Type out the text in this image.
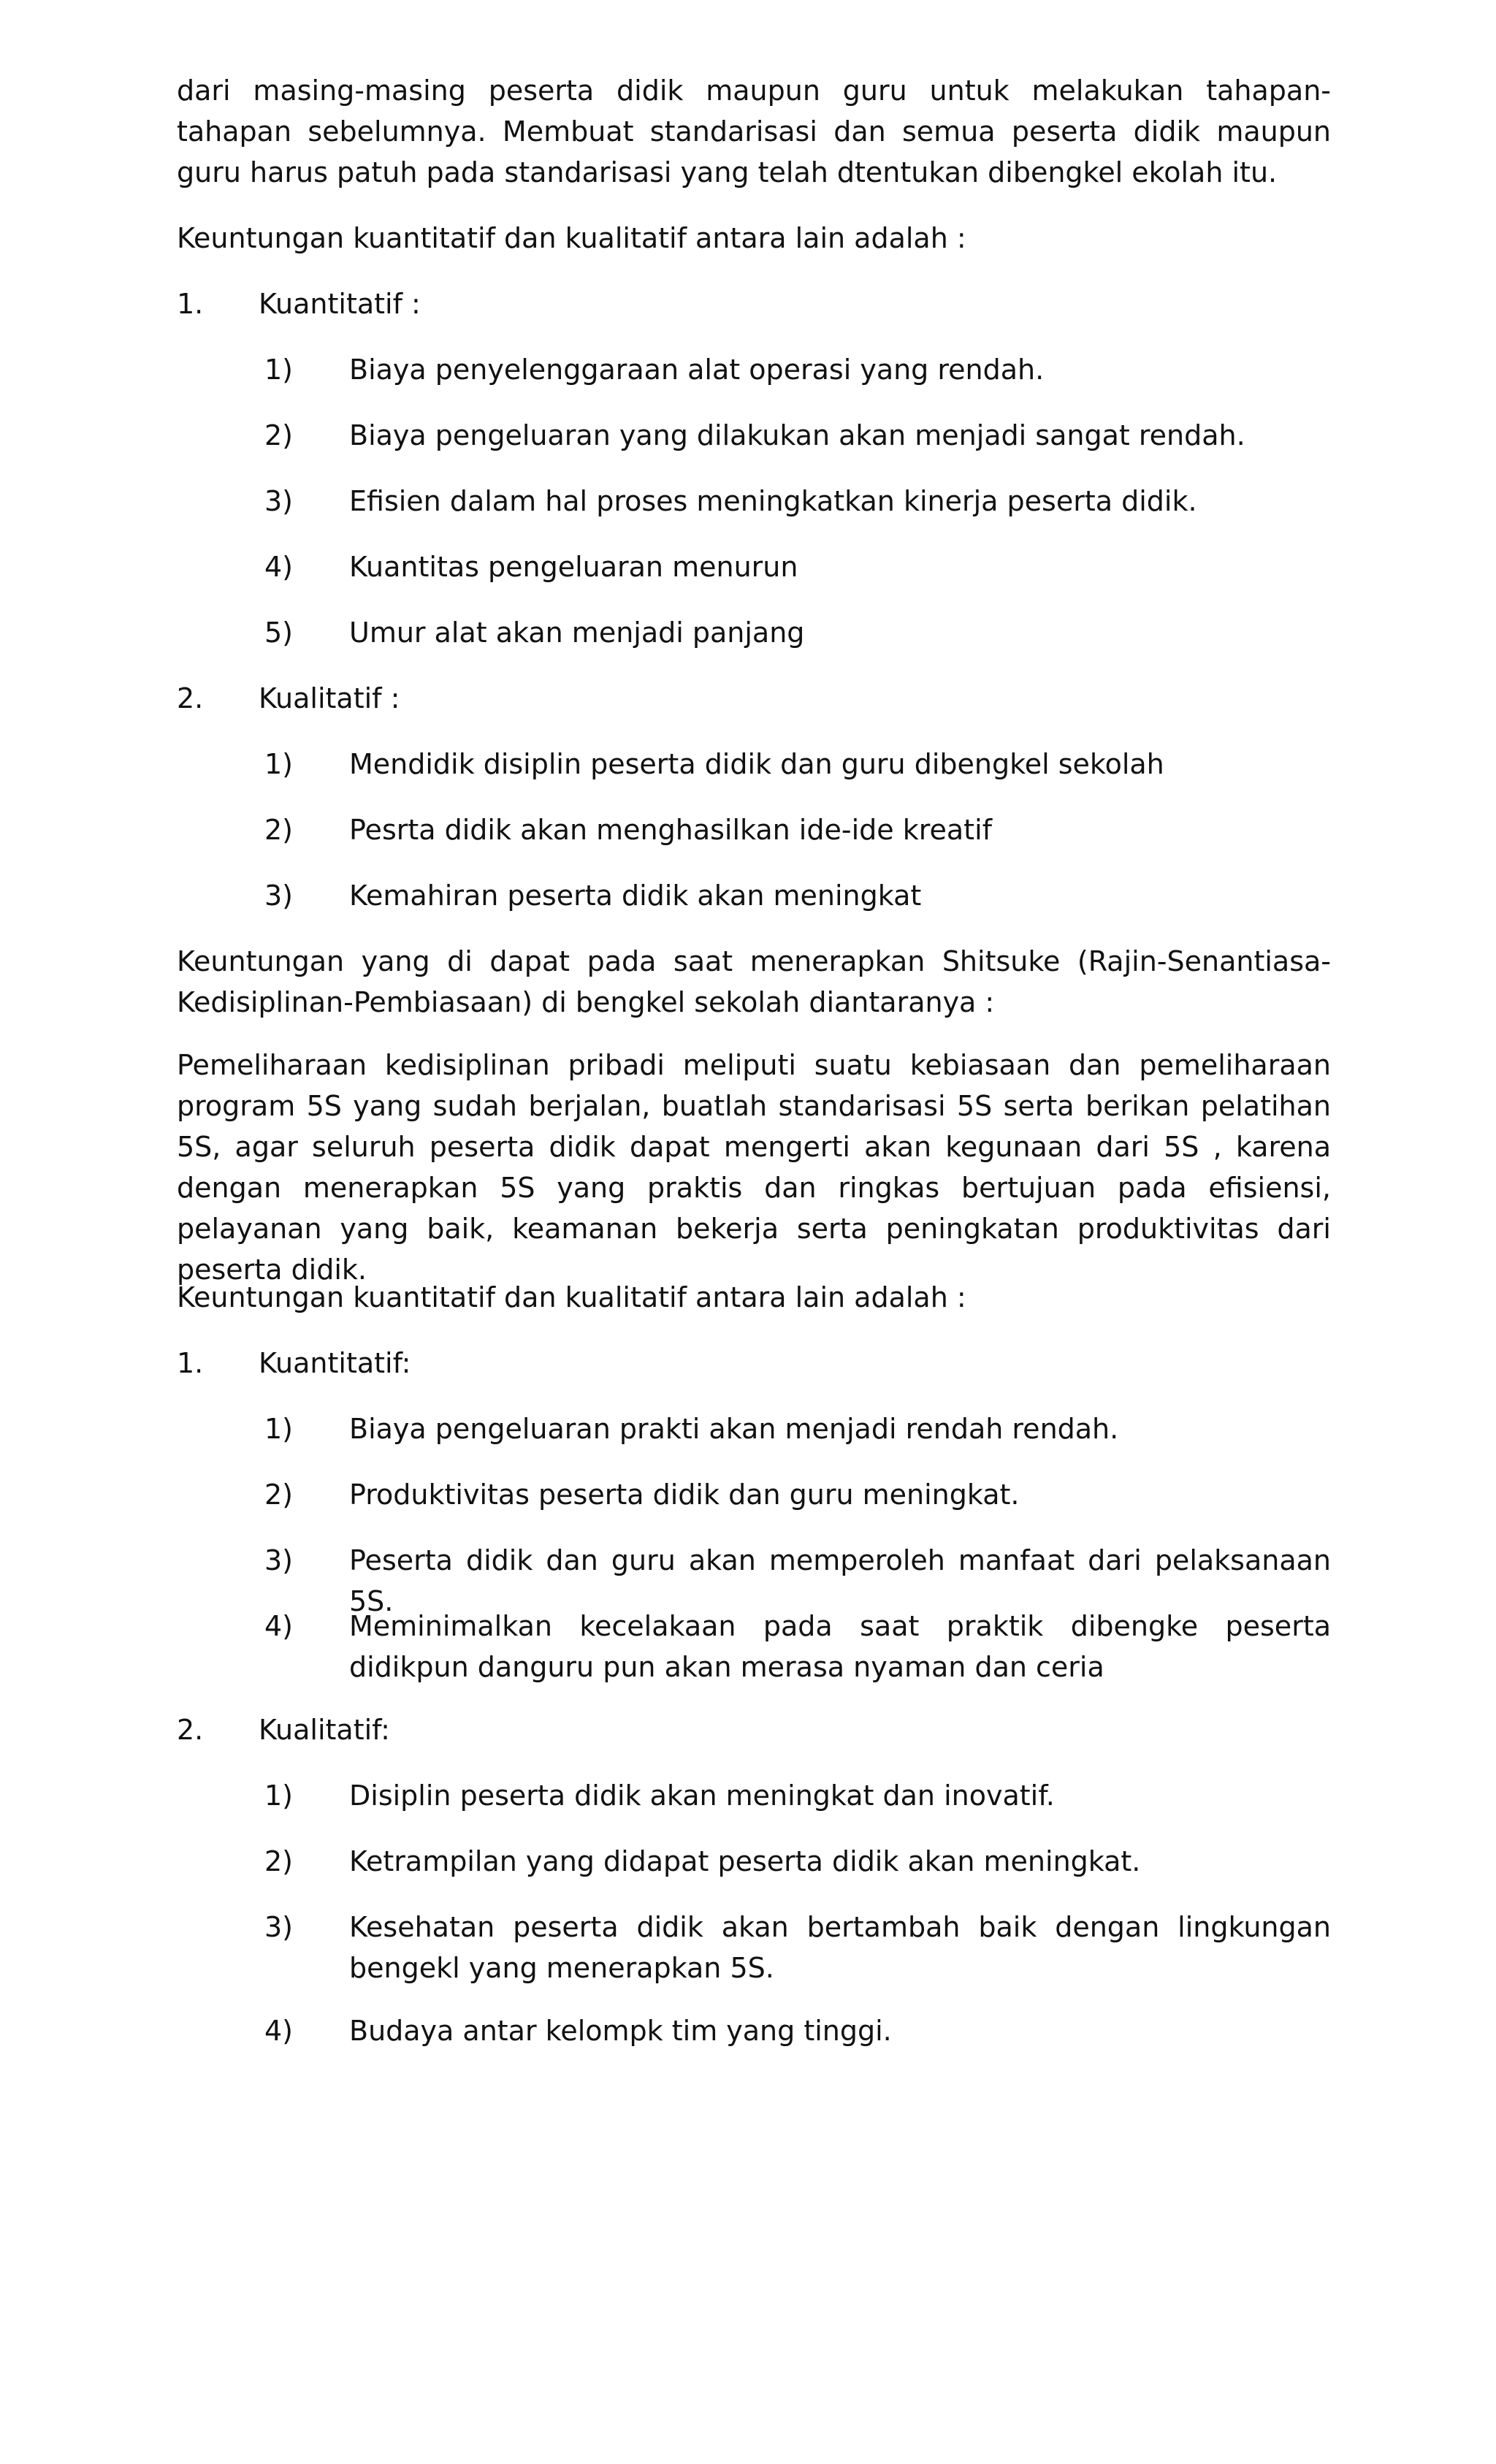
dari masing-masing peserta didik maupun guru untuk melakukan tahapan-tahapan sebelumnya. Membuat standarisasi dan semua peserta didik maupun guru harus patuh pada standarisasi yang telah dtentukan dibengkel ekolah itu.

Keuntungan kuantitatif dan kualitatif antara lain adalah :

1. Kuantitatif :
1) Biaya penyelenggaraan alat operasi yang rendah.
2) Biaya pengeluaran yang dilakukan akan menjadi sangat rendah.
3) Efisien dalam hal proses meningkatkan kinerja peserta didik.
4) Kuantitas pengeluaran menurun
5) Umur alat akan menjadi panjang
2. Kualitatif :
1) Mendidik disiplin peserta didik dan guru dibengkel sekolah
2) Pesrta didik akan menghasilkan ide-ide kreatif
3) Kemahiran peserta didik akan meningkat

Keuntungan yang di dapat pada saat menerapkan Shitsuke (Rajin-Senantiasa-Kedisiplinan-Pembiasaan) di bengkel sekolah diantaranya :

Pemeliharaan kedisiplinan pribadi meliputi suatu kebiasaan dan pemeliharaan program 5S yang sudah berjalan, buatlah standarisasi 5S serta berikan pelatihan 5S, agar seluruh peserta didik dapat mengerti akan kegunaan dari 5S , karena dengan menerapkan 5S yang praktis dan ringkas bertujuan pada efisiensi, pelayanan yang baik, keamanan bekerja serta peningkatan produktivitas dari peserta didik.

Keuntungan kuantitatif dan kualitatif antara lain adalah :

1. Kuantitatif:
1) Biaya pengeluaran prakti akan menjadi rendah rendah.
2) Produktivitas peserta didik dan guru meningkat.
3) Peserta didik dan guru akan memperoleh manfaat dari pelaksanaan 5S.
4) Meminimalkan kecelakaan pada saat praktik dibengke peserta didikpun danguru pun akan merasa nyaman dan ceria
2. Kualitatif:
1) Disiplin peserta didik akan meningkat dan inovatif.
2) Ketrampilan yang didapat peserta didik akan meningkat.
3) Kesehatan peserta didik akan bertambah baik dengan lingkungan bengekl yang menerapkan 5S.
4) Budaya antar kelompk tim yang tinggi.
